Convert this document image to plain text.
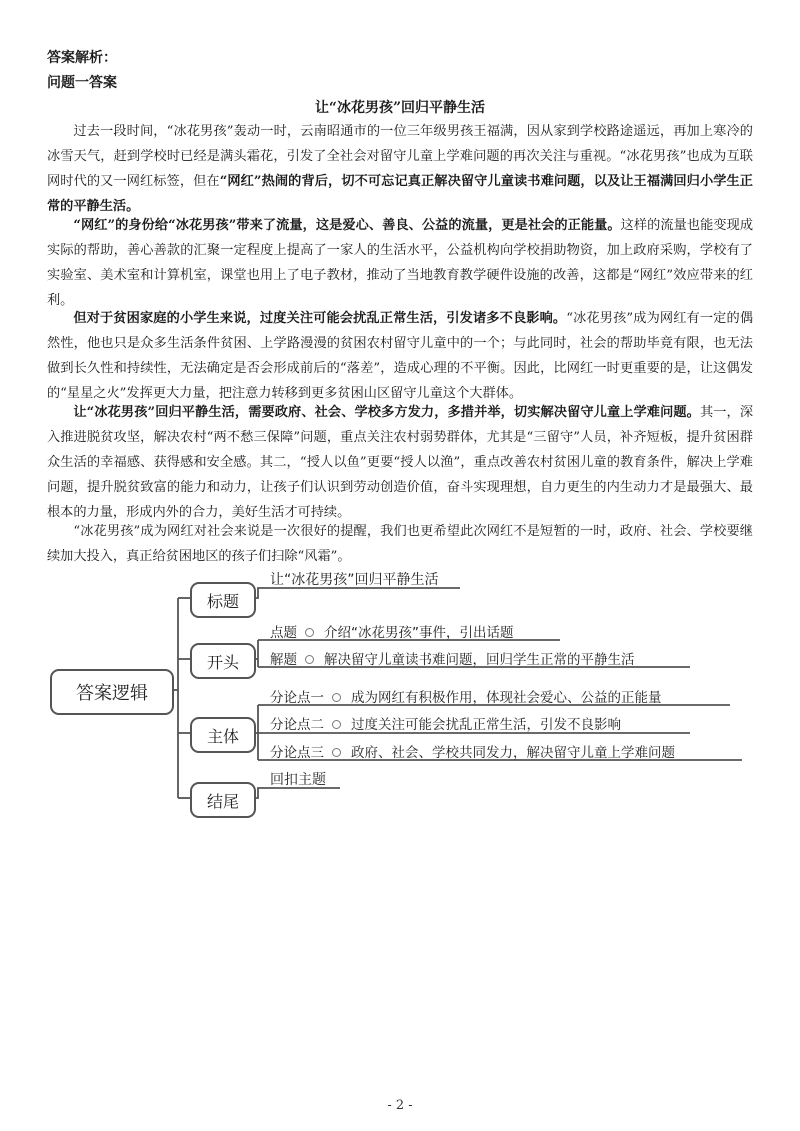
答案解析：
问题一答案
让“冰花男孩”回归平静生活

过去一段时间，“冰花男孩”轰动一时，云南昭通市的一位三年级男孩王福满，因从家到学校路途遥远，再加上寒冷的冰雪天气，赶到学校时已经是满头霜花，引发了全社会对留守儿童上学难问题的再次关注与重视。“冰花男孩”也成为互联网时代的又一网红标签，但在“网红”热闹的背后，切不可忘记真正解决留守儿童读书难问题，以及让王福满回归小学生正常的平静生活。

“网红”的身份给“冰花男孩”带来了流量，这是爱心、善良、公益的流量，更是社会的正能量。这样的流量也能变现成实际的帮助，善心善款的汇聚一定程度上提高了一家人的生活水平，公益机构向学校捐助物资，加上政府采购，学校有了实验室、美术室和计算机室，课堂也用上了电子教材，推动了当地教育教学硬件设施的改善，这都是“网红”效应带来的红利。

但对于贫困家庭的小学生来说，过度关注可能会扰乱正常生活，引发诸多不良影响。“冰花男孩”成为网红有一定的偶然性，他也只是众多生活条件贫困、上学路漫漫的贫困农村留守儿童中的一个；与此同时，社会的帮助毕竟有限，也无法做到长久性和持续性，无法确定是否会形成前后的“落差”，造成心理的不平衡。因此，比网红一时更重要的是，让这偶发的“星星之火”发挥更大力量，把注意力转移到更多贫困山区留守儿童这个大群体。

让“冰花男孩”回归平静生活，需要政府、社会、学校多方发力，多措并举，切实解决留守儿童上学难问题。其一，深入推进脱贫攻坚，解决农村“两不愁三保障”问题，重点关注农村弱势群体，尤其是“三留守”人员，补齐短板，提升贫困群众生活的幸福感、获得感和安全感。其二，“授人以鱼”更要“授人以渔”，重点改善农村贫困儿童的教育条件，解决上学难问题，提升脱贫致富的能力和动力，让孩子们认识到劳动创造价值，奋斗实现理想，自力更生的内生动力才是最强大、最根本的力量，形成内外的合力，美好生活才可持续。

“冰花男孩”成为网红对社会来说是一次很好的提醒，我们也更希望此次网红不是短暂的一时，政府、社会、学校要继续加大投入，真正给贫困地区的孩子们扫除“风霜”。

答案逻辑
标题
让“冰花男孩”回归平静生活
开头
点题 介绍“冰花男孩”事件，引出话题
解题 解决留守儿童读书难问题，回归学生正常的平静生活
主体
分论点一 成为网红有积极作用，体现社会爱心、公益的正能量
分论点二 过度关注可能会扰乱正常生活，引发不良影响
分论点三 政府、社会、学校共同发力，解决留守儿童上学难问题
结尾
回扣主题
- 2 -
